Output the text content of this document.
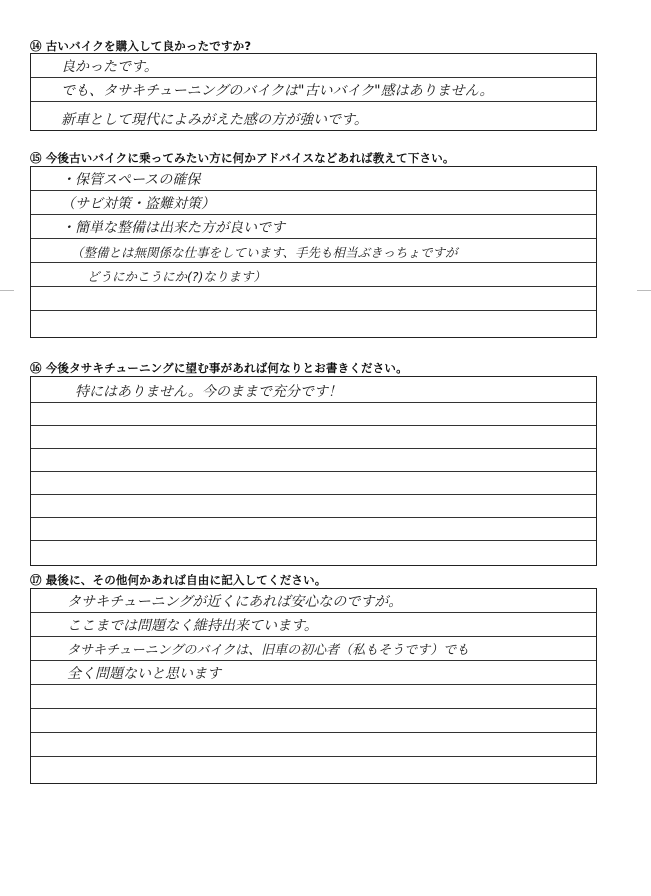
⑭ 古いバイクを購入して良かったですか?
良かったです。
でも、タサキチューニングのバイクは"古いバイク"感はありません。
新車として現代によみがえた感の方が強いです。
⑮ 今後古いバイクに乗ってみたい方に何かアドバイスなどあれば教えて下さい。
・保管スペースの確保
（サビ対策・盗難対策）
・簡単な整備は出来た方が良いです
（整備とは無関係な仕事をしています、手先も相当ぶきっちょですが
どうにかこうにか(?)なります）
⑯ 今後タサキチューニングに望む事があれば何なりとお書きください。
特にはありません。今のままで充分です！
⑰ 最後に、その他何かあれば自由に記入してください。
タサキチューニングが近くにあれば安心なのですが。
ここまでは問題なく維持出来ています。
タサキチューニングのバイクは、旧車の初心者（私もそうです）でも
全く問題ないと思います
